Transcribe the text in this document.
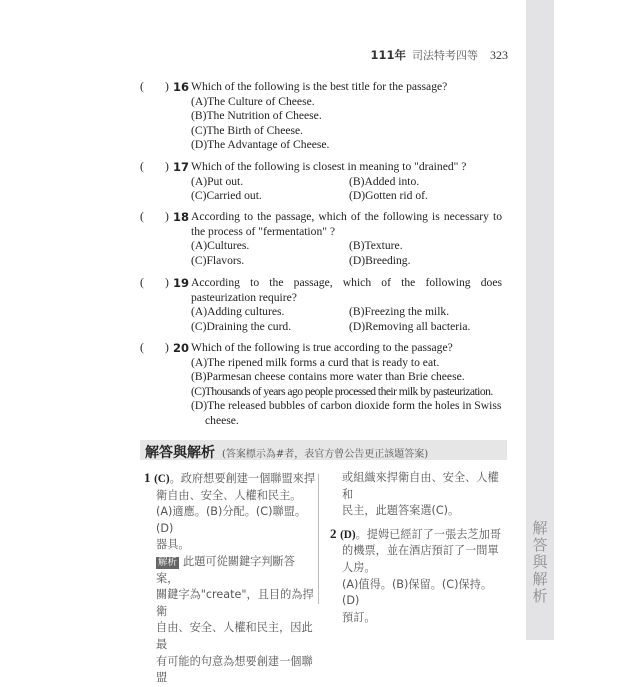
解答與解析
111年 司法特考四等 323
( ) 16 Which of the following is the best title for the passage?
(A)The Culture of Cheese.
(B)The Nutrition of Cheese.
(C)The Birth of Cheese.
(D)The Advantage of Cheese.
( ) 17 Which of the following is closest in meaning to "drained" ?
(A)Put out.	(B)Added into.
(C)Carried out.	(D)Gotten rid of.
( ) 18 According to the passage, which of the following is necessary to
the process of "fermentation" ?
(A)Cultures.	(B)Texture.
(C)Flavors.	(D)Breeding.
( ) 19 According to the passage, which of the following does
pasteurization require?
(A)Adding cultures.	(B)Freezing the milk.
(C)Draining the curd.	(D)Removing all bacteria.
( ) 20 Which of the following is true according to the passage?
(A)The ripened milk forms a curd that is ready to eat.
(B)Parmesan cheese contains more water than Brie cheese.
(C)Thousands of years ago people processed their milk by pasteurization.
(D)The released bubbles of carbon dioxide form the holes in Swiss
cheese.
解答與解析 (答案標示為#者，表官方曾公告更正該題答案)
1 (C)。政府想要創建一個聯盟來捍
衛自由、安全、人權和民主。
(A)適應。(B)分配。(C)聯盟。(D)
器具。
解析 此題可從關鍵字判斷答案，
關鍵字為"create"，且目的為捍衛
自由、安全、人權和民主，因此最
有可能的句意為想要創建一個聯盟
或組織來捍衛自由、安全、人權和
民主，此題答案選(C)。
2 (D)。提姆已經訂了一張去芝加哥
的機票，並在酒店預訂了一間單
人房。
(A)值得。(B)保留。(C)保持。(D)
預訂。
